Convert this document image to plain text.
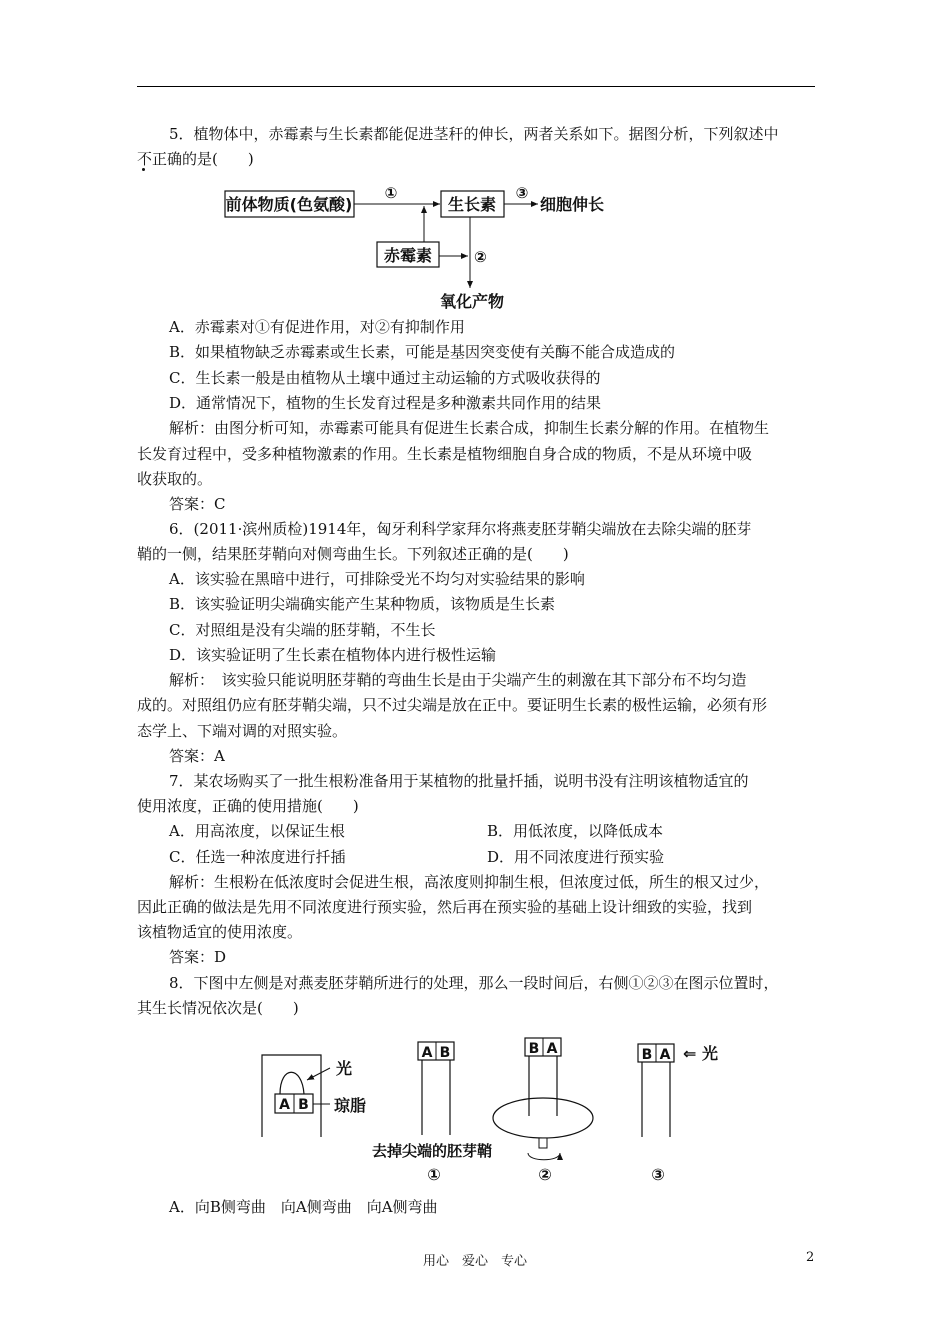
5．植物体中，赤霉素与生长素都能促进茎秆的伸长，两者关系如下。据图分析，下列叙述中
不正确的是(　　)
前体物质(色氨酸)
①
生长素
③
细胞伸长
赤霉素	②
氧化产物
A．赤霉素对①有促进作用，对②有抑制作用
B．如果植物缺乏赤霉素或生长素，可能是基因突变使有关酶不能合成造成的
C．生长素一般是由植物从土壤中通过主动运输的方式吸收获得的
D．通常情况下，植物的生长发育过程是多种激素共同作用的结果
解析：由图分析可知，赤霉素可能具有促进生长素合成，抑制生长素分解的作用。在植物生
长发育过程中，受多种植物激素的作用。生长素是植物细胞自身合成的物质，不是从环境中吸
收获取的。
答案：C
6．(2011·滨州质检)1914年，匈牙利科学家拜尔将燕麦胚芽鞘尖端放在去除尖端的胚芽
鞘的一侧，结果胚芽鞘向对侧弯曲生长。下列叙述正确的是(　　)
A．该实验在黑暗中进行，可排除受光不均匀对实验结果的影响
B．该实验证明尖端确实能产生某种物质，该物质是生长素
C．对照组是没有尖端的胚芽鞘，不生长
D．该实验证明了生长素在植物体内进行极性运输
解析：　该实验只能说明胚芽鞘的弯曲生长是由于尖端产生的刺激在其下部分布不均匀造
成的。对照组仍应有胚芽鞘尖端，只不过尖端是放在正中。要证明生长素的极性运输，必须有形
态学上、下端对调的对照实验。
答案：A
7．某农场购买了一批生根粉准备用于某植物的批量扦插，说明书没有注明该植物适宜的
使用浓度，正确的使用措施(　　)
A．用高浓度，以保证生根	B．用低浓度，以降低成本
C．任选一种浓度进行扦插	D．用不同浓度进行预实验
解析：生根粉在低浓度时会促进生根，高浓度则抑制生根，但浓度过低，所生的根又过少，
因此正确的做法是先用不同浓度进行预实验，然后再在预实验的基础上设计细致的实验，找到
该植物适宜的使用浓度。
答案：D
8．下图中左侧是对燕麦胚芽鞘所进行的处理，那么一段时间后，右侧①②③在图示位置时，
其生长情况依次是(　　)
A B
光
琼脂
A B	B A	B A ⇐ 光
去掉尖端的胚芽鞘
①	②	③
A．向B侧弯曲　向A侧弯曲　向A侧弯曲
用心　爱心　专心	2
